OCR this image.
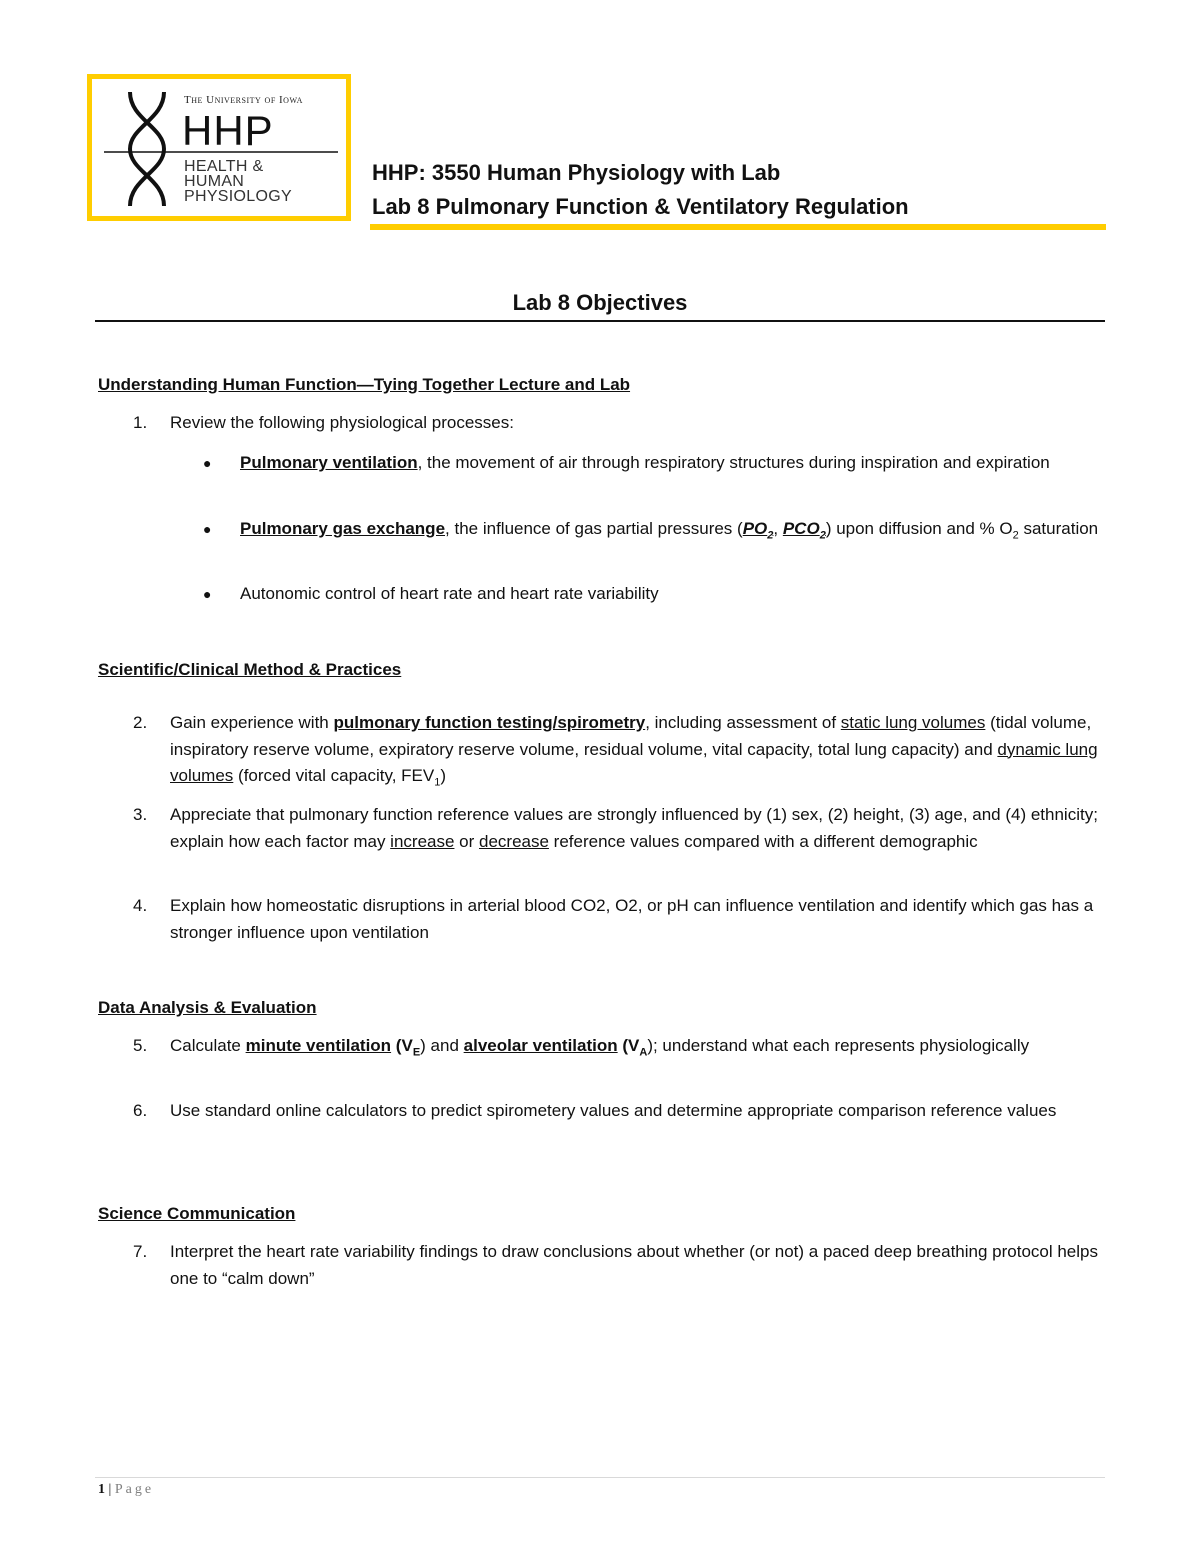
The University of Iowa
HHP
HEALTH &
HUMAN
PHYSIOLOGY
HHP: 3550 Human Physiology with Lab
Lab 8 Pulmonary Function & Ventilatory Regulation
Lab 8 Objectives
Understanding Human Function—Tying Together Lecture and Lab
1. Review the following physiological processes:
● Pulmonary ventilation, the movement of air through respiratory structures during inspiration and expiration
● Pulmonary gas exchange, the influence of gas partial pressures ($PO_2$, $PCO_2$) upon diffusion and % $O_2$ saturation
● Autonomic control of heart rate and heart rate variability
Scientific/Clinical Method & Practices
2. Gain experience with pulmonary function testing/spirometry, including assessment of static lung volumes (tidal volume, inspiratory reserve volume, expiratory reserve volume, residual volume, vital capacity, total lung capacity) and dynamic lung volumes (forced vital capacity, $FEV_1$)
3. Appreciate that pulmonary function reference values are strongly influenced by (1) sex, (2) height, (3) age, and (4) ethnicity; explain how each factor may increase or decrease reference values compared with a different demographic
4. Explain how homeostatic disruptions in arterial blood CO2, O2, or pH can influence ventilation and identify which gas has a stronger influence upon ventilation
Data Analysis & Evaluation
5. Calculate minute ventilation $(V_E)$ and alveolar ventilation $(V_A)$; understand what each represents physiologically
6. Use standard online calculators to predict spirometery values and determine appropriate comparison reference values
Science Communication
7. Interpret the heart rate variability findings to draw conclusions about whether (or not) a paced deep breathing protocol helps one to “calm down”
1 | Page
